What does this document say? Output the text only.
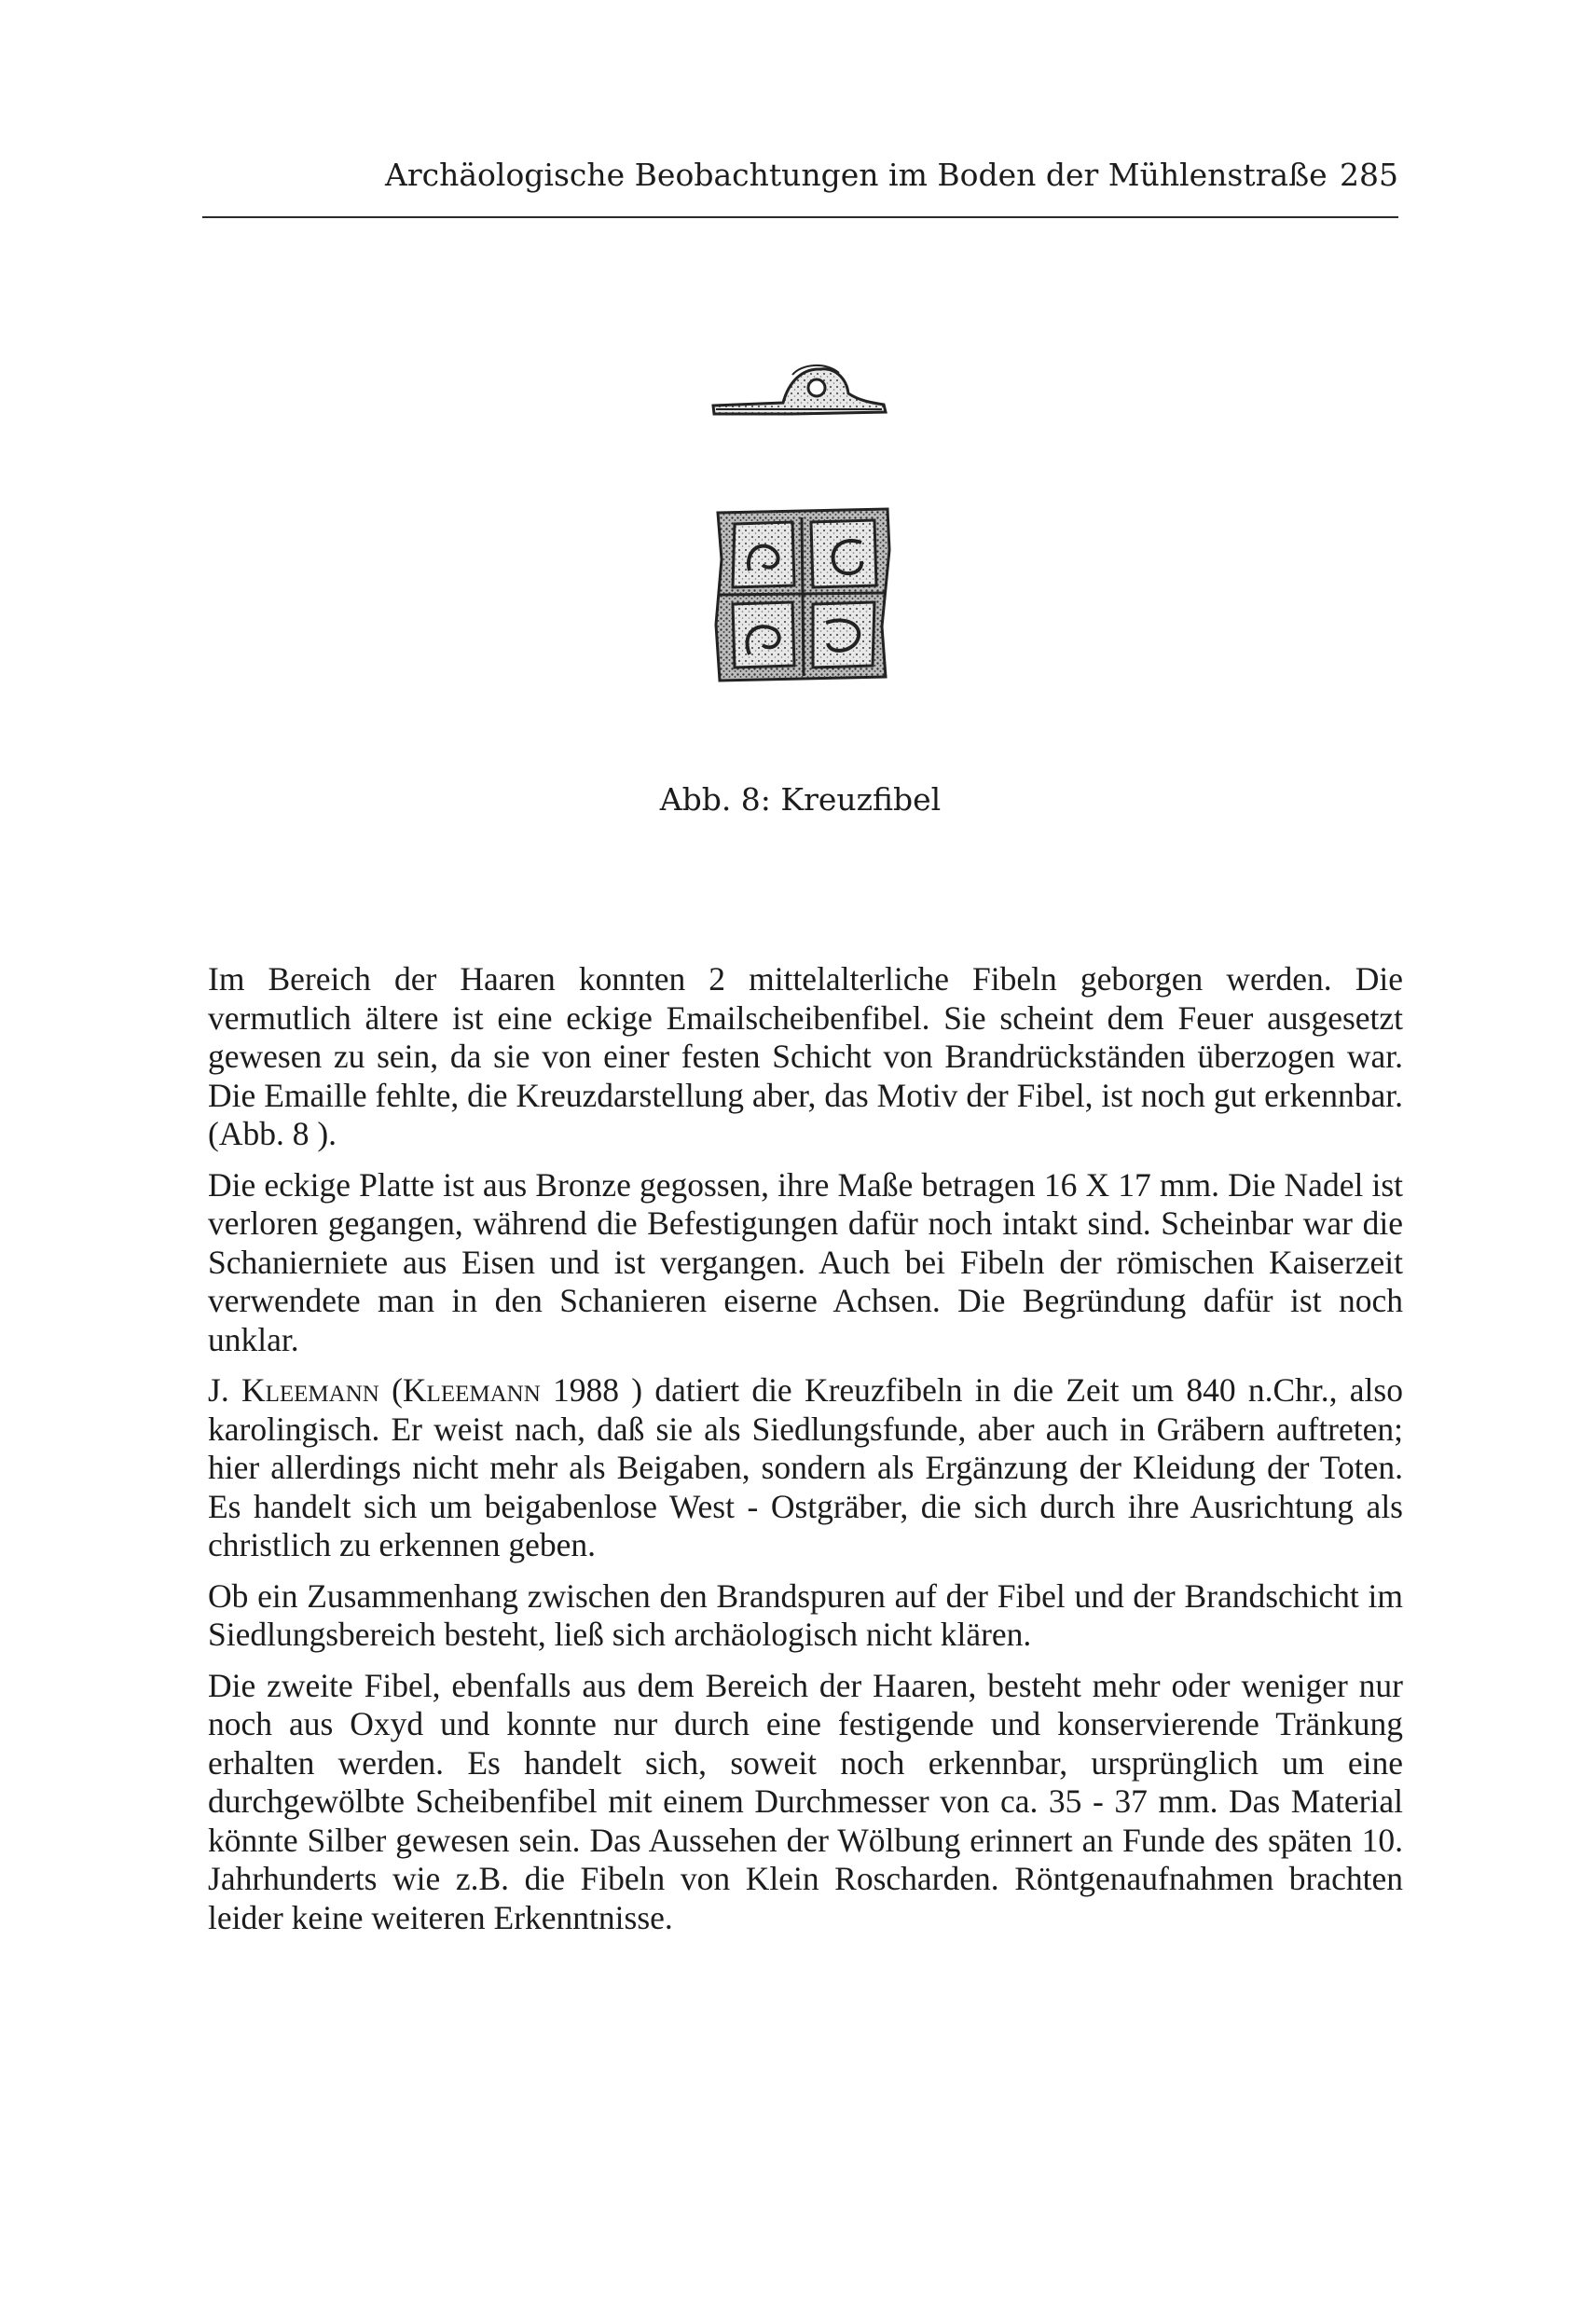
Archäologische Beobachtungen im Boden der Mühlenstraße 285
Abb. 8: Kreuzfibel

Im Bereich der Haaren konnten 2 mittelalterliche Fibeln geborgen werden. Die vermutlich ältere ist eine eckige Emailscheibenfibel. Sie scheint dem Feuer ausgesetzt gewesen zu sein, da sie von einer festen Schicht von Brandrückständen überzogen war. Die Emaille fehlte, die Kreuzdarstellung aber, das Motiv der Fibel, ist noch gut erkennbar. (Abb. 8 ).

Die eckige Platte ist aus Bronze gegossen, ihre Maße betragen 16 X 17 mm. Die Nadel ist verloren gegangen, während die Befestigungen dafür noch intakt sind. Scheinbar war die Schanierniete aus Eisen und ist vergangen. Auch bei Fibeln der römischen Kaiserzeit verwendete man in den Schanieren eiserne Achsen. Die Begründung dafür ist noch unklar.

J. Kleemann (Kleemann 1988 ) datiert die Kreuzfibeln in die Zeit um 840 n.Chr., also karolingisch. Er weist nach, daß sie als Siedlungsfunde, aber auch in Gräbern auftreten; hier allerdings nicht mehr als Beigaben, sondern als Ergänzung der Kleidung der Toten. Es handelt sich um beigabenlose West - Ostgräber, die sich durch ihre Ausrichtung als christlich zu erkennen geben.

Ob ein Zusammenhang zwischen den Brandspuren auf der Fibel und der Brandschicht im Siedlungsbereich besteht, ließ sich archäologisch nicht klären.

Die zweite Fibel, ebenfalls aus dem Bereich der Haaren, besteht mehr oder weniger nur noch aus Oxyd und konnte nur durch eine festigende und konservierende Tränkung erhalten werden. Es handelt sich, soweit noch erkennbar, ursprünglich um eine durchgewölbte Scheibenfibel mit einem Durchmesser von ca. 35 - 37 mm. Das Material könnte Silber gewesen sein. Das Aussehen der Wölbung erinnert an Funde des späten 10. Jahrhunderts wie z.B. die Fibeln von Klein Roscharden. Röntgenaufnahmen brachten leider keine weiteren Erkenntnisse.
